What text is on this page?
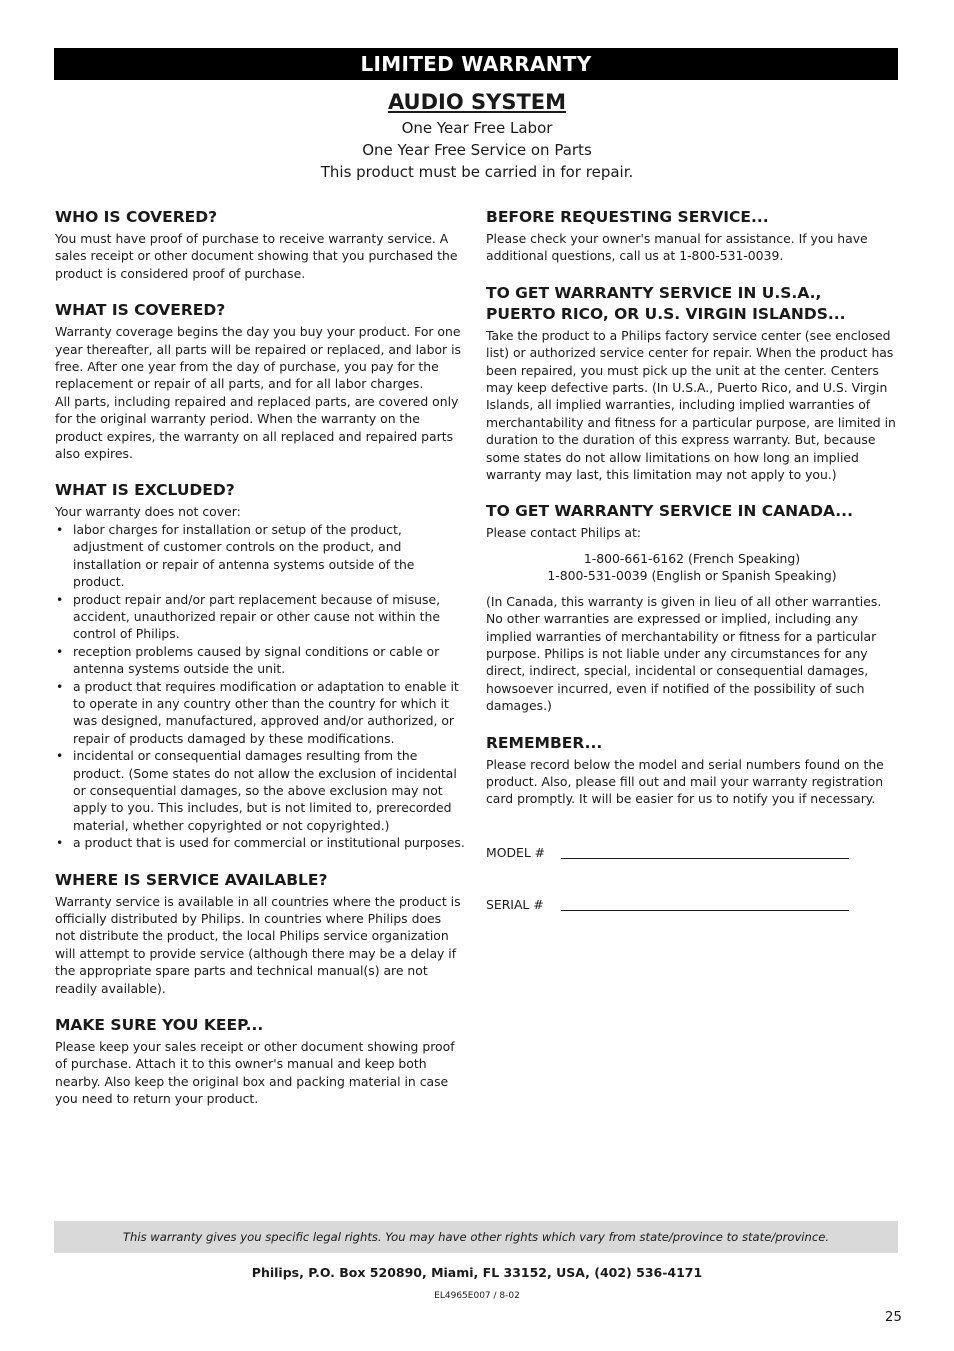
LIMITED WARRANTY
AUDIO SYSTEM
One Year Free Labor
One Year Free Service on Parts
This product must be carried in for repair.
WHO IS COVERED?

You must have proof of purchase to receive warranty service. A sales receipt or other document showing that you purchased the product is considered proof of purchase.

WHAT IS COVERED?

Warranty coverage begins the day you buy your product. For one year thereafter, all parts will be repaired or replaced, and labor is free. After one year from the day of purchase, you pay for the replacement or repair of all parts, and for all labor charges.

All parts, including repaired and replaced parts, are covered only for the original warranty period. When the warranty on the product expires, the warranty on all replaced and repaired parts also expires.

WHAT IS EXCLUDED?

Your warranty does not cover:

• labor charges for installation or setup of the product, adjustment of customer controls on the product, and installation or repair of antenna systems outside of the product.
• product repair and/or part replacement because of misuse, accident, unauthorized repair or other cause not within the control of Philips.
• reception problems caused by signal conditions or cable or antenna systems outside the unit.
• a product that requires modification or adaptation to enable it to operate in any country other than the country for which it was designed, manufactured, approved and/or authorized, or repair of products damaged by these modifications.
• incidental or consequential damages resulting from the product. (Some states do not allow the exclusion of incidental or consequential damages, so the above exclusion may not apply to you. This includes, but is not limited to, prerecorded material, whether copyrighted or not copyrighted.)
• a product that is used for commercial or institutional purposes.
WHERE IS SERVICE AVAILABLE?

Warranty service is available in all countries where the product is officially distributed by Philips. In countries where Philips does not distribute the product, the local Philips service organization will attempt to provide service (although there may be a delay if the appropriate spare parts and technical manual(s) are not readily available).

MAKE SURE YOU KEEP...

Please keep your sales receipt or other document showing proof of purchase. Attach it to this owner's manual and keep both nearby. Also keep the original box and packing material in case you need to return your product.

BEFORE REQUESTING SERVICE...

Please check your owner's manual for assistance. If you have additional questions, call us at 1-800-531-0039.

TO GET WARRANTY SERVICE IN U.S.A.,
PUERTO RICO, OR U.S. VIRGIN ISLANDS...

Take the product to a Philips factory service center (see enclosed list) or authorized service center for repair. When the product has been repaired, you must pick up the unit at the center. Centers may keep defective parts. (In U.S.A., Puerto Rico, and U.S. Virgin Islands, all implied warranties, including implied warranties of merchantability and fitness for a particular purpose, are limited in duration to the duration of this express warranty. But, because some states do not allow limitations on how long an implied warranty may last, this limitation may not apply to you.)

TO GET WARRANTY SERVICE IN CANADA...

Please contact Philips at:

1-800-661-6162 (French Speaking)
1-800-531-0039 (English or Spanish Speaking)

(In Canada, this warranty is given in lieu of all other warranties. No other warranties are expressed or implied, including any implied warranties of merchantability or fitness for a particular purpose. Philips is not liable under any circumstances for any direct, indirect, special, incidental or consequential damages, howsoever incurred, even if notified of the possibility of such damages.)

REMEMBER...

Please record below the model and serial numbers found on the product. Also, please fill out and mail your warranty registration card promptly. It will be easier for us to notify you if necessary.

MODEL #
SERIAL #
This warranty gives you specific legal rights. You may have other rights which vary from state/province to state/province.
Philips, P.O. Box 520890, Miami, FL 33152, USA, (402) 536-4171
EL4965E007 / 8-02
25
